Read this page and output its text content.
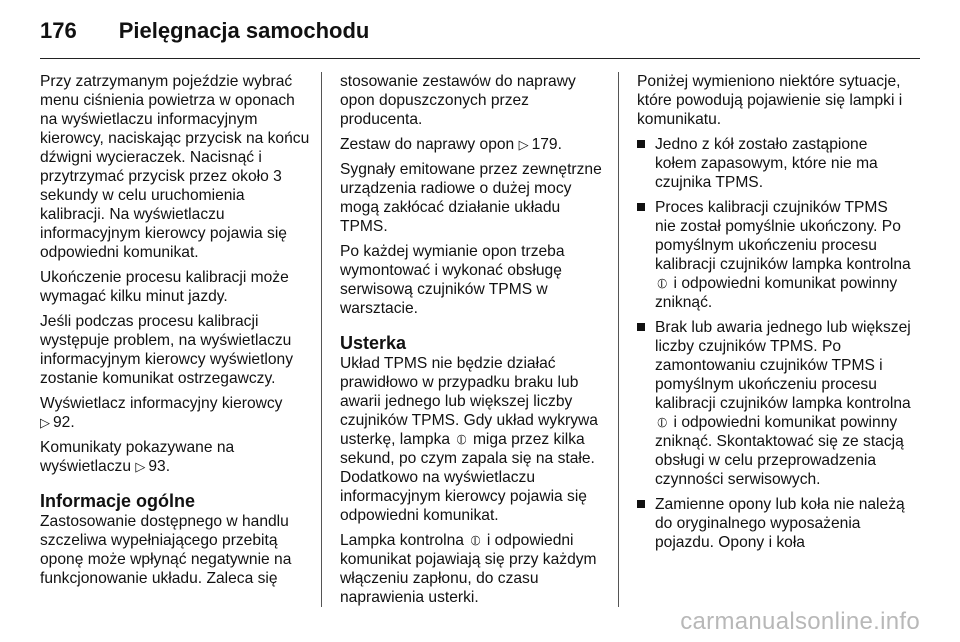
176 Pielęgnacja samochodu

Przy zatrzymanym pojeździe wybrać menu ciśnienia powietrza w oponach na wyświetlaczu informacyjnym kierowcy, naciskając przycisk na końcu dźwigni wycieraczek. Nacisnąć i przytrzymać przycisk przez około 3 sekundy w celu uruchomienia kalibracji. Na wyświetlaczu informacyjnym kierowcy pojawia się odpowiedni komunikat.

Ukończenie procesu kalibracji może wymagać kilku minut jazdy.

Jeśli podczas procesu kalibracji występuje problem, na wyświetlaczu informacyjnym kierowcy wyświetlony zostanie komunikat ostrzegawczy.

Wyświetlacz informacyjny kierowcy
▷ 92.

Komunikaty pokazywane na wyświetlaczu ▷ 93.

Informacje ogólne

Zastosowanie dostępnego w handlu szczeliwa wypełniającego przebitą oponę może wpłynąć negatywnie na funkcjonowanie układu. Zaleca się

stosowanie zestawów do naprawy opon dopuszczonych przez producenta.

Zestaw do naprawy opon ▷ 179.

Sygnały emitowane przez zewnętrzne urządzenia radiowe o dużej mocy mogą zakłócać działanie układu TPMS.

Po każdej wymianie opon trzeba wymontować i wykonać obsługę serwisową czujników TPMS w warsztacie.

Usterka

Układ TPMS nie będzie działać prawidłowo w przypadku braku lub awarii jednego lub większej liczby czujników TPMS. Gdy układ wykrywa usterkę, lampka ⦶ miga przez kilka sekund, po czym zapala się na stałe. Dodatkowo na wyświetlaczu informacyjnym kierowcy pojawia się odpowiedni komunikat.

Lampka kontrolna ⦶ i odpowiedni komunikat pojawiają się przy każdym włączeniu zapłonu, do czasu naprawienia usterki.

Poniżej wymieniono niektóre sytuacje, które powodują pojawienie się lampki i komunikatu.

Jedno z kół zostało zastąpione kołem zapasowym, które nie ma czujnika TPMS.
Proces kalibracji czujników TPMS nie został pomyślnie ukończony. Po pomyślnym ukończeniu procesu kalibracji czujników lampka kontrolna ⦶ i odpowiedni komunikat powinny zniknąć.
Brak lub awaria jednego lub większej liczby czujników TPMS. Po zamontowaniu czujników TPMS i pomyślnym ukończeniu procesu kalibracji czujników lampka kontrolna ⦶ i odpowiedni komunikat powinny zniknąć. Skontaktować się ze stacją obsługi w celu przeprowadzenia czynności serwisowych.
Zamienne opony lub koła nie należą do oryginalnego wyposażenia pojazdu. Opony i koła
carmanualsonline.info
